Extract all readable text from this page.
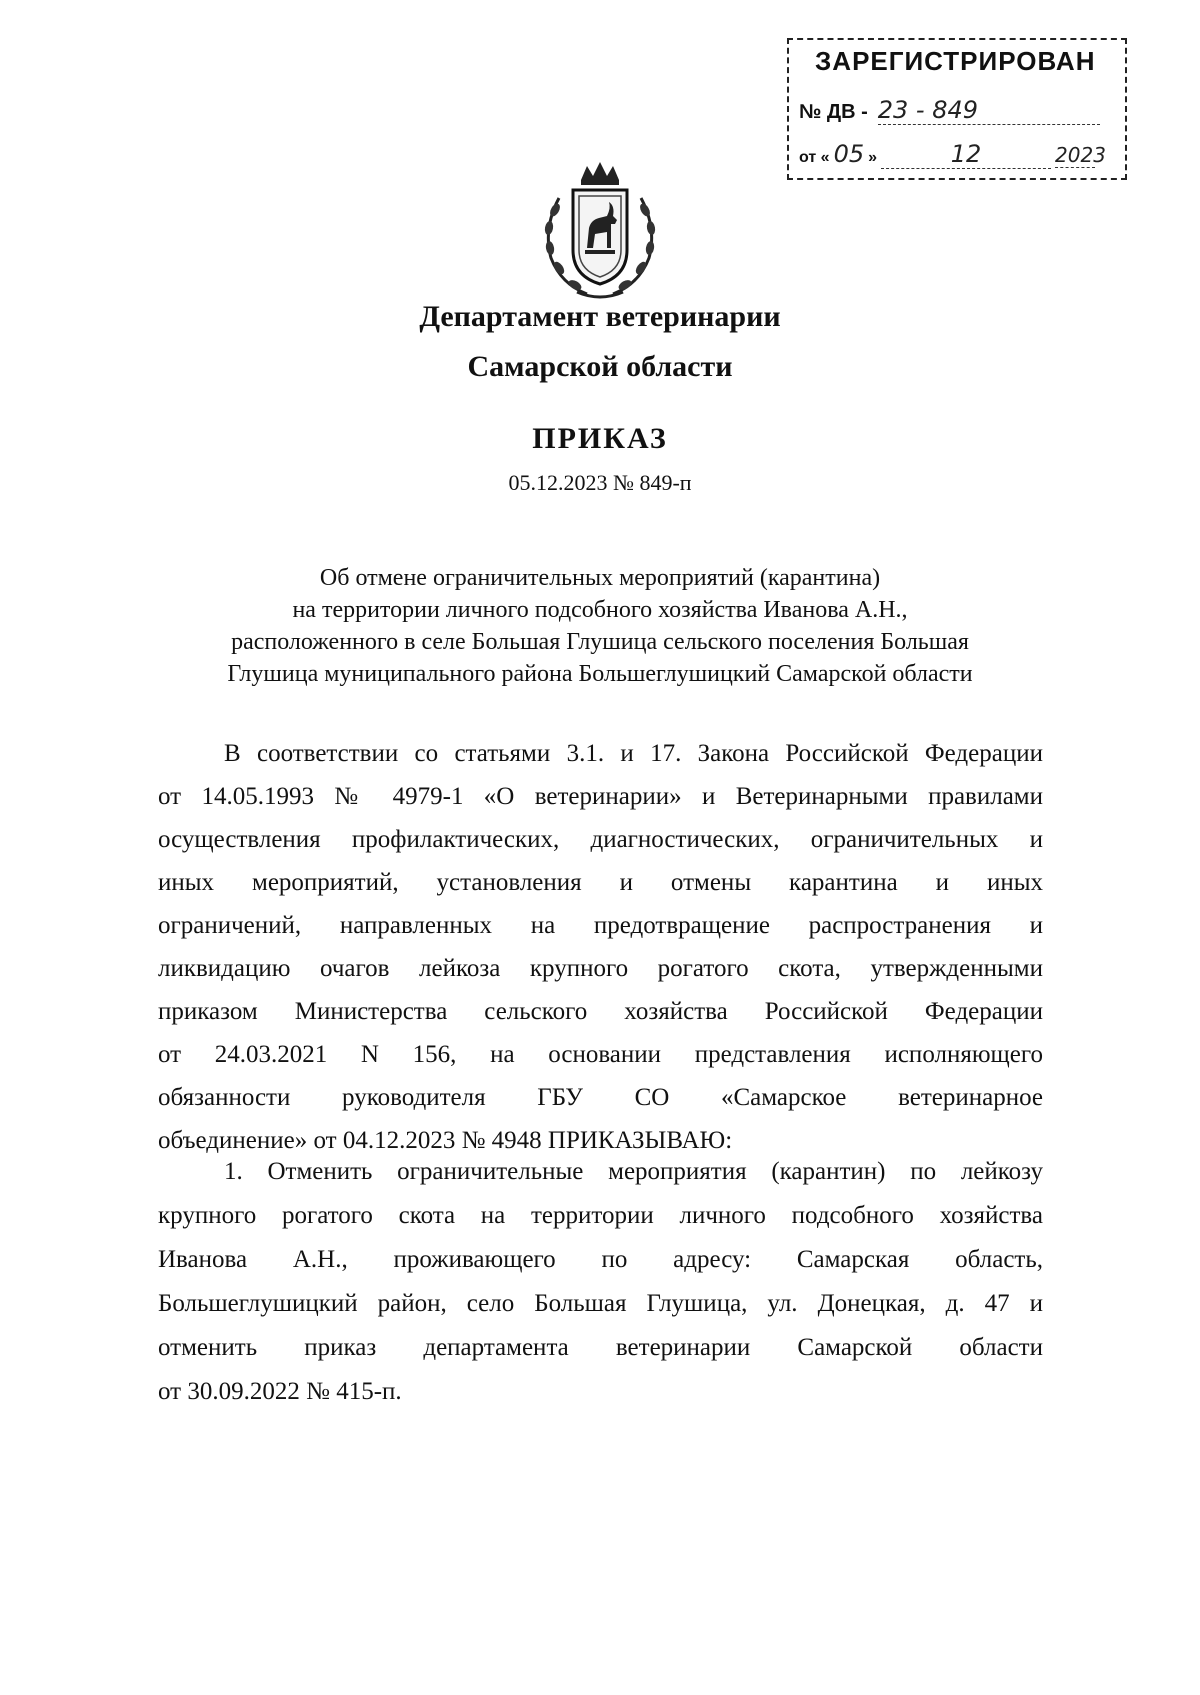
ЗАРЕГИСТРИРОВАН
№ ДВ - 23 - 849
от « 05 »	12	2023
Департамент ветеринарии
Самарской области
ПРИКАЗ
05.12.2023 № 849-п
Об отмене ограничительных мероприятий (карантина)
на территории личного подсобного хозяйства Иванова А.Н.,
расположенного в селе Большая Глушица сельского поселения Большая
Глушица муниципального района Большеглушицкий Самарской области
В соответствии со статьями 3.1. и 17. Закона Российской Федерации
от 14.05.1993 № 4979-1 «О ветеринарии» и Ветеринарными правилами
осуществления профилактических, диагностических, ограничительных и
иных мероприятий, установления и отмены карантина и иных
ограничений, направленных на предотвращение распространения и
ликвидацию очагов лейкоза крупного рогатого скота, утвержденными
приказом Министерства сельского хозяйства Российской Федерации
от 24.03.2021 N 156, на основании представления исполняющего
обязанности руководителя ГБУ СО «Самарское ветеринарное
объединение» от 04.12.2023 № 4948 ПРИКАЗЫВАЮ:
1. Отменить ограничительные мероприятия (карантин) по лейкозу
крупного рогатого скота на территории личного подсобного хозяйства
Иванова А.Н., проживающего по адресу: Самарская область,
Большеглушицкий район, село Большая Глушица, ул. Донецкая, д. 47 и
отменить приказ департамента ветеринарии Самарской области
от 30.09.2022 № 415-п.
